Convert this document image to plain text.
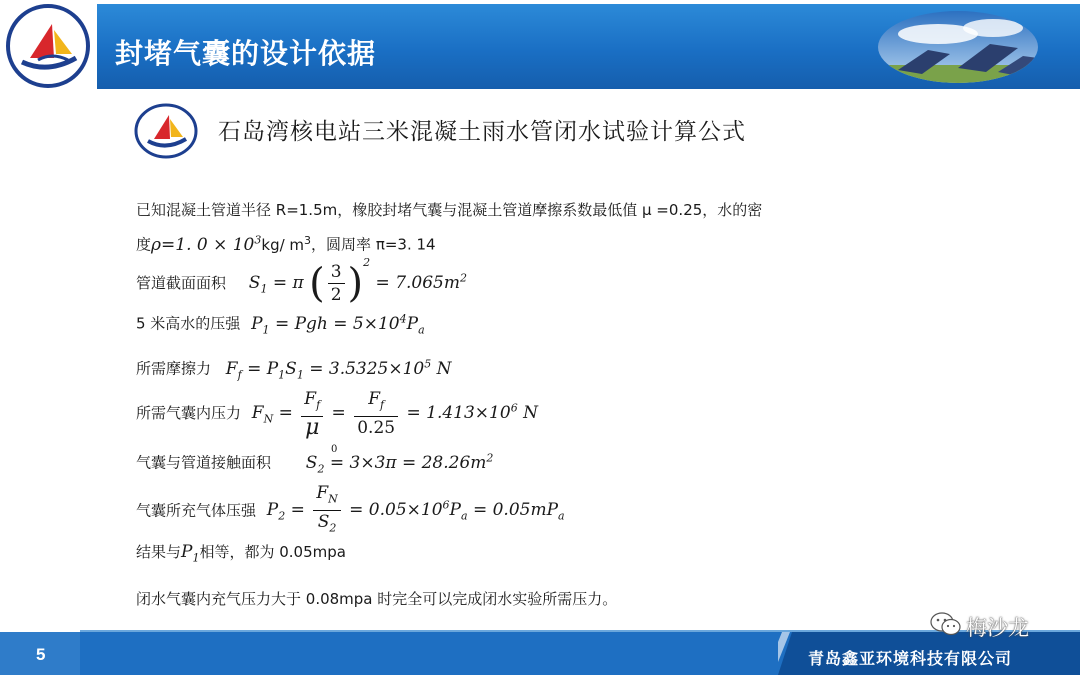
封堵气囊的设计依据
石岛湾核电站三米混凝土雨水管闭水试验计算公式
已知混凝土管道半径 R=1.5m，橡胶封堵气囊与混凝土管道摩擦系数最低值 μ =0.25，水的密
度ρ=1. $0 \times 10^3kg/$ $m^3$，圆周率 π=3. 14
管道截面面积 $S_1 = \pi$ ( $\frac{3}{2} )^2 = 7.065m^2$
5 米高水的压强 $P_1$ = Pgh = $5\times 10^4P_a$
所需摩擦力 $F_f = P_1S_1 = 3.5325\times 10^5$ N
所需气囊内压力 $F_N = \frac{F_f}{\mu} = \frac{F_f}{0.25} = 1.413\times 10^6$ N
0
气囊与管道接触面积 $S_2 = 3\times 3\pi = 28.26m^2$
气囊所充气体压强 $P_2 = \frac{F_N}{S_2} = 0.05\times 10^6P_a = 0.05mP_a$
结果与$P_1$相等，都为 0.05mpa
闭水气囊内充气压力大于 0.08mpa 时完全可以完成闭水实验所需压力。
5	青岛鑫亚环境科技有限公司
梅沙龙
